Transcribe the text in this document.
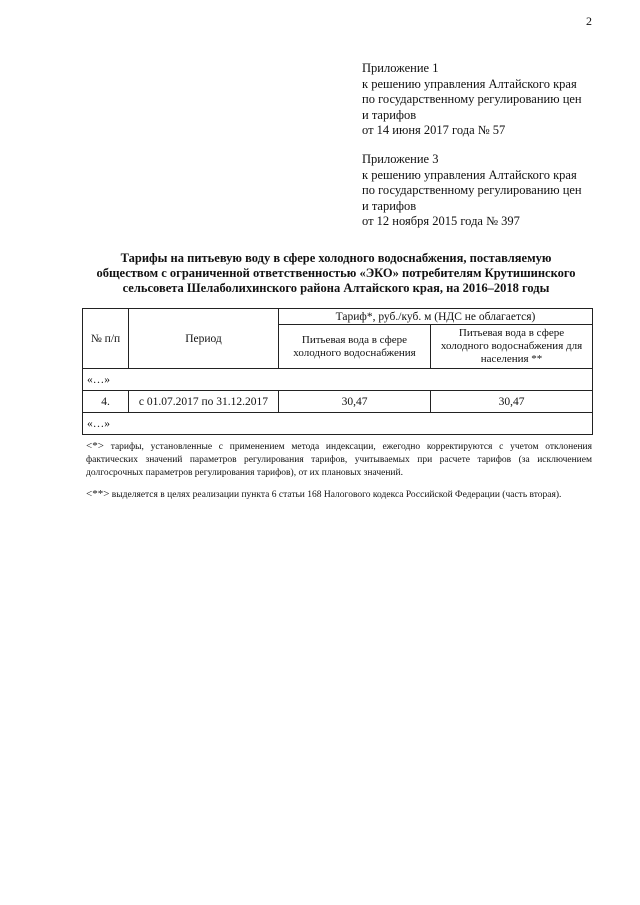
2
Приложение 1
к решению управления Алтайского края
по государственному регулированию цен
и тарифов
от 14 июня 2017 года № 57
Приложение 3
к решению управления Алтайского края
по государственному регулированию цен
и тарифов
от 12 ноября 2015 года № 397
Тарифы на питьевую воду в сфере холодного водоснабжения, поставляемую
обществом с ограниченной ответственностью «ЭКО» потребителям Крутишинского
сельсовета Шелаболихинского района Алтайского края, на 2016–2018 годы
№ п/п	Период	Тариф*, руб./куб. м (НДС не облагается)	
		Питьевая вода в сфере холодного водоснабжения	Питьевая вода в сфере холодного водоснабжения для населения **
«…»			
4.	с 01.07.2017 по 31.12.2017	30,47	30,47
«…»			
<*> тарифы, установленные с применением метода индексации, ежегодно корректируются с учетом отклонения фактических значений параметров регулирования тарифов, учитываемых при расчете тарифов (за исключением долгосрочных параметров регулирования тарифов), от их плановых значений.
<**> выделяется в целях реализации пункта 6 статьи 168 Налогового кодекса Российской Федерации (часть вторая).
